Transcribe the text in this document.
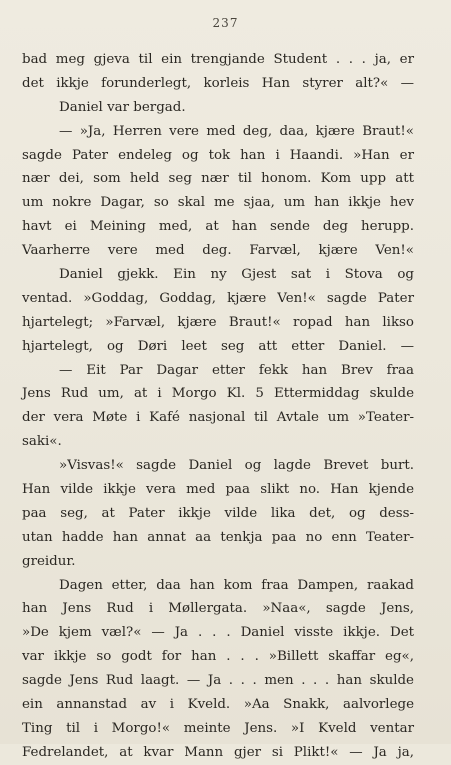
237
bad meg gjeva til ein trengjande Student . . . ja, er
det ikkje forunderlegt, korleis Han styrer alt?« —
Daniel var bergad.
— »Ja, Herren vere med deg, daa, kjære Braut!«
sagde Pater endeleg og tok han i Haandi. »Han er
nær dei, som held seg nær til honom. Kom upp att
um nokre Dagar, so skal me sjaa, um han ikkje hev
havt ei Meining med, at han sende deg herupp.
Vaarherre vere med deg. Farvæl, kjære Ven!«
Daniel gjekk. Ein ny Gjest sat i Stova og
ventad. »Goddag, Goddag, kjære Ven!« sagde Pater
hjartelegt; »Farvæl, kjære Braut!« ropad han likso
hjartelegt, og Døri leet seg att etter Daniel. —
— Eit Par Dagar etter fekk han Brev fraa
Jens Rud um, at i Morgo Kl. 5 Ettermiddag skulde
der vera Møte i Kafé nasjonal til Avtale um »Teater-
saki«.
»Visvas!« sagde Daniel og lagde Brevet burt.
Han vilde ikkje vera med paa slikt no. Han kjende
paa seg, at Pater ikkje vilde lika det, og dess-
utan hadde han annat aa tenkja paa no enn Teater-
greidur.
Dagen etter, daa han kom fraa Dampen, raakad
han Jens Rud i Møllergata. »Naa«, sagde Jens,
»De kjem væl?« — Ja . . . Daniel visste ikkje. Det
var ikkje so godt for han . . . »Billett skaffar eg«,
sagde Jens Rud laagt. — Ja . . . men . . . han skulde
ein annanstad av i Kveld. »Aa Snakk, aalvorlege
Ting til i Morgo!« meinte Jens. »I Kveld ventar
Fedrelandet, at kvar Mann gjer si Plikt!« — Ja ja,
